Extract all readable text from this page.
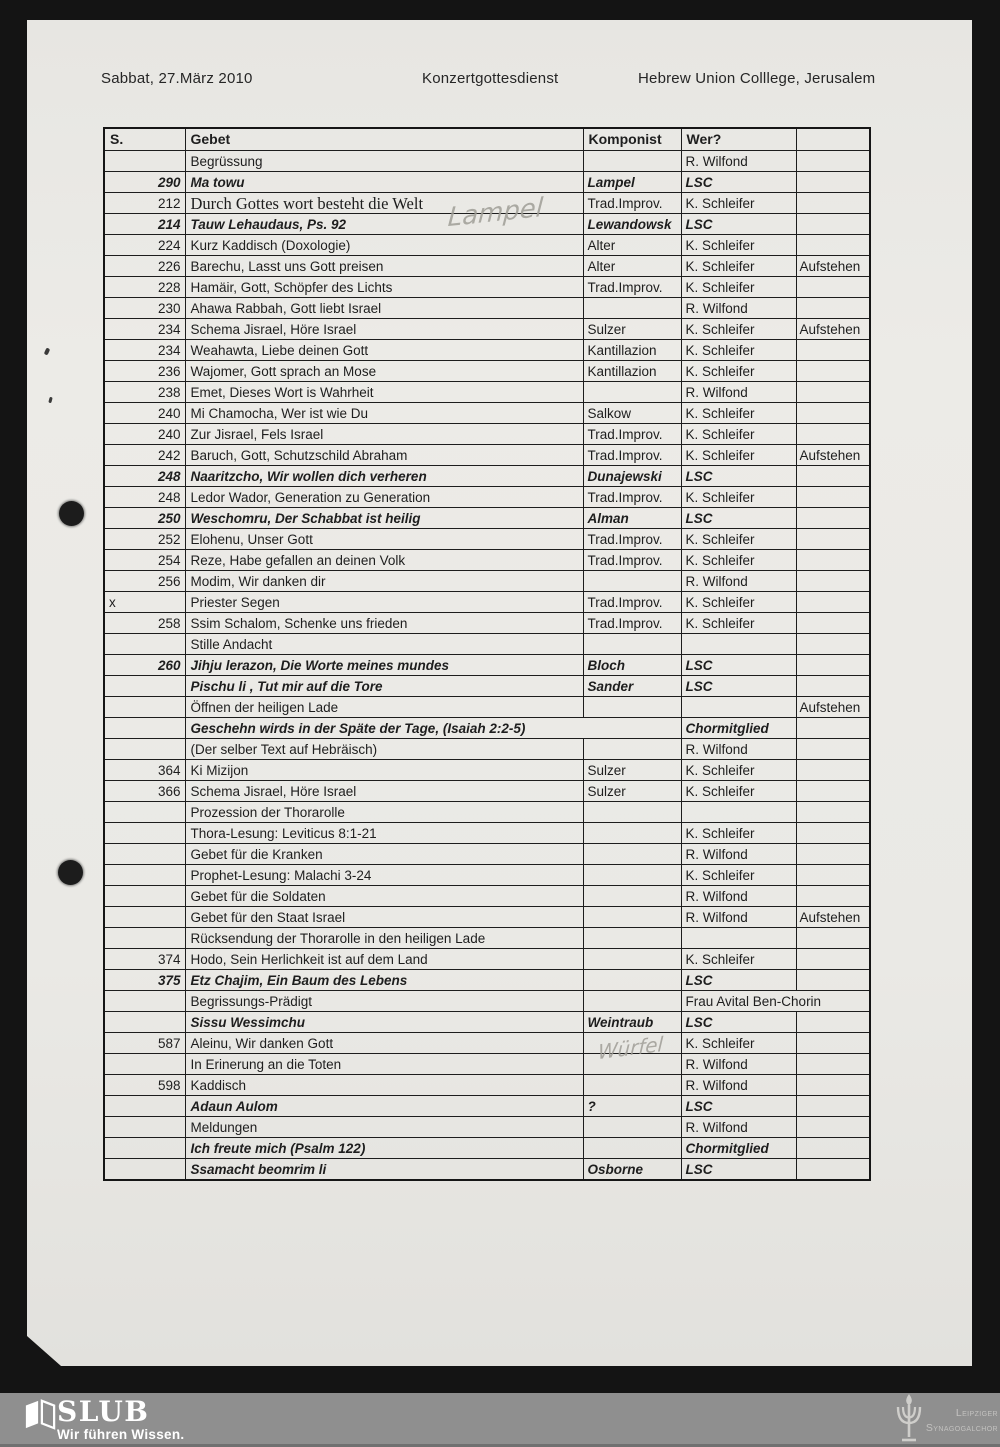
Sabbat, 27.März 2010	Konzertgottesdienst	Hebrew Union Colllege, Jerusalem
S.	Gebet	Komponist	Wer?	
	Begrüssung		R. Wilfond	
290	Ma towu	Lampel	LSC	
212	Durch Gottes wort besteht die Welt	Trad.Improv.	K. Schleifer	
214	Tauw Lehaudaus, Ps. 92	Lewandowsk	LSC	
224	Kurz Kaddisch (Doxologie)	Alter	K. Schleifer	
226	Barechu, Lasst uns Gott preisen	Alter	K. Schleifer	Aufstehen
228	Hamäir, Gott, Schöpfer des Lichts	Trad.Improv.	K. Schleifer	
230	Ahawa Rabbah, Gott liebt Israel		R. Wilfond	
234	Schema Jisrael, Höre Israel	Sulzer	K. Schleifer	Aufstehen
234	Weahawta, Liebe deinen Gott	Kantillazion	K. Schleifer	
236	Wajomer, Gott sprach an Mose	Kantillazion	K. Schleifer	
238	Emet, Dieses Wort is Wahrheit		R. Wilfond	
240	Mi Chamocha, Wer ist wie Du	Salkow	K. Schleifer	
240	Zur Jisrael, Fels Israel	Trad.Improv.	K. Schleifer	
242	Baruch, Gott, Schutzschild Abraham	Trad.Improv.	K. Schleifer	Aufstehen
248	Naaritzcho, Wir wollen dich verheren	Dunajewski	LSC	
248	Ledor Wador, Generation zu Generation	Trad.Improv.	K. Schleifer	
250	Weschomru, Der Schabbat ist heilig	Alman	LSC	
252	Elohenu, Unser Gott	Trad.Improv.	K. Schleifer	
254	Reze, Habe gefallen an deinen Volk	Trad.Improv.	K. Schleifer	
256	Modim, Wir danken dir		R. Wilfond	
x	Priester Segen	Trad.Improv.	K. Schleifer	
258	Ssim Schalom, Schenke uns frieden	Trad.Improv.	K. Schleifer	
	Stille Andacht			
260	Jihju lerazon, Die Worte meines mundes	Bloch	LSC	
	Pischu li , Tut mir auf die Tore	Sander	LSC	
	Öffnen der heiligen Lade			Aufstehen
	Geschehn wirds in der Späte der Tage, (Isaiah 2:2-5)		Chormitglied	
	(Der selber Text auf Hebräisch)		R. Wilfond	
364	Ki Mizijon	Sulzer	K. Schleifer	
366	Schema Jisrael, Höre Israel	Sulzer	K. Schleifer	
	Prozession der Thorarolle			
	Thora-Lesung: Leviticus 8:1-21		K. Schleifer	
	Gebet für die Kranken		R. Wilfond	
	Prophet-Lesung: Malachi 3-24		K. Schleifer	
	Gebet für die Soldaten		R. Wilfond	
	Gebet für den Staat Israel		R. Wilfond	Aufstehen
	Rücksendung der Thorarolle in den heiligen Lade			
374	Hodo, Sein Herlichkeit ist auf dem Land		K. Schleifer	
375	Etz Chajim, Ein Baum des Lebens		LSC	
	Begrissungs-Prädigt		Frau Avital Ben-Chorin	
	Sissu Wessimchu	Weintraub	LSC	
587	Aleinu, Wir danken Gott		K. Schleifer	
	In Erinerung an die Toten		R. Wilfond	
598	Kaddisch		R. Wilfond	
	Adaun Aulom	?	LSC	
	Meldungen		R. Wilfond	
	Ich freute mich (Psalm 122)		Chormitglied	
	Ssamacht beomrim li	Osborne	LSC	
Lampel
Würfel
SLUB
Wir führen Wissen.
Leipziger
Synagogalchor
